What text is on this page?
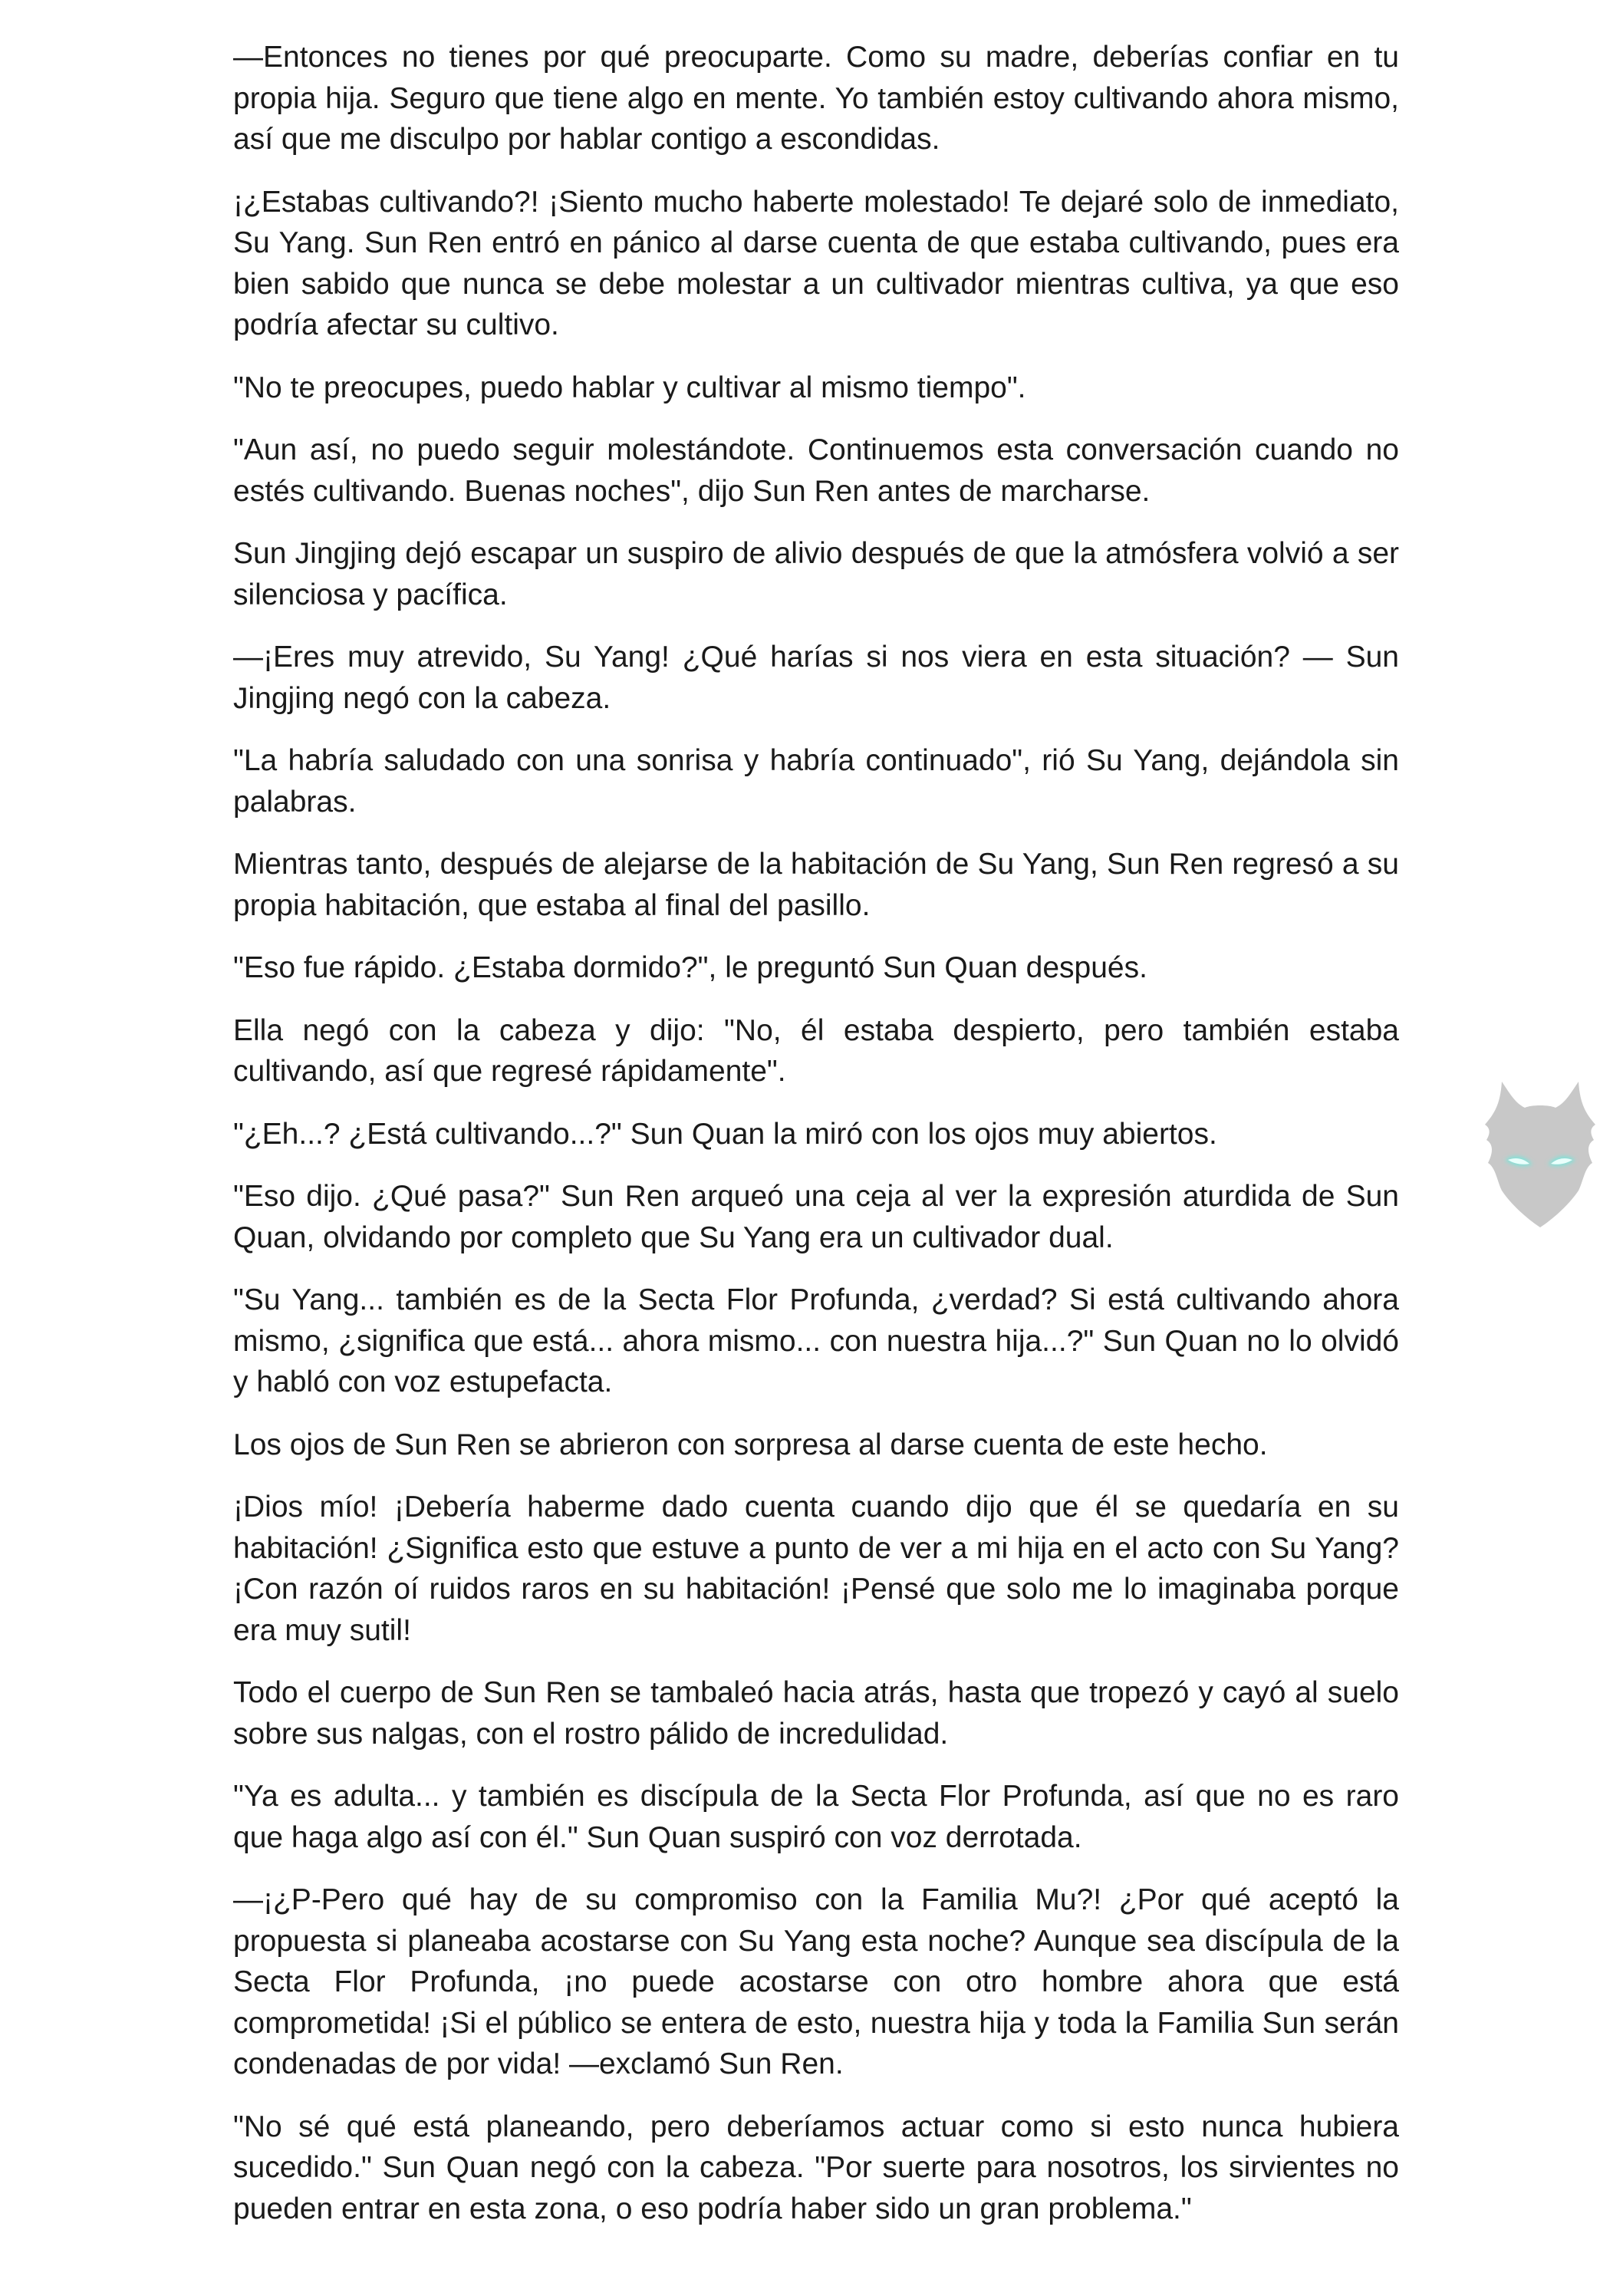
—Entonces no tienes por qué preocuparte. Como su madre, deberías confiar en tu propia hija. Seguro que tiene algo en mente. Yo también estoy cultivando ahora mismo, así que me disculpo por hablar contigo a escondidas.

¡¿Estabas cultivando?! ¡Siento mucho haberte molestado! Te dejaré solo de inmediato, Su Yang. Sun Ren entró en pánico al darse cuenta de que estaba cultivando, pues era bien sabido que nunca se debe molestar a un cultivador mientras cultiva, ya que eso podría afectar su cultivo.

"No te preocupes, puedo hablar y cultivar al mismo tiempo".

"Aun así, no puedo seguir molestándote. Continuemos esta conversación cuando no estés cultivando. Buenas noches", dijo Sun Ren antes de marcharse.

Sun Jingjing dejó escapar un suspiro de alivio después de que la atmósfera volvió a ser silenciosa y pacífica.

—¡Eres muy atrevido, Su Yang! ¿Qué harías si nos viera en esta situación? — Sun Jingjing negó con la cabeza.

"La habría saludado con una sonrisa y habría continuado", rió Su Yang, dejándola sin palabras.

Mientras tanto, después de alejarse de la habitación de Su Yang, Sun Ren regresó a su propia habitación, que estaba al final del pasillo.

"Eso fue rápido. ¿Estaba dormido?", le preguntó Sun Quan después.

Ella negó con la cabeza y dijo: "No, él estaba despierto, pero también estaba cultivando, así que regresé rápidamente".

"¿Eh...? ¿Está cultivando...?" Sun Quan la miró con los ojos muy abiertos.

"Eso dijo. ¿Qué pasa?" Sun Ren arqueó una ceja al ver la expresión aturdida de Sun Quan, olvidando por completo que Su Yang era un cultivador dual.

"Su Yang... también es de la Secta Flor Profunda, ¿verdad? Si está cultivando ahora mismo, ¿significa que está... ahora mismo... con nuestra hija...?" Sun Quan no lo olvidó y habló con voz estupefacta.

Los ojos de Sun Ren se abrieron con sorpresa al darse cuenta de este hecho.

¡Dios mío! ¡Debería haberme dado cuenta cuando dijo que él se quedaría en su habitación! ¿Significa esto que estuve a punto de ver a mi hija en el acto con Su Yang? ¡Con razón oí ruidos raros en su habitación! ¡Pensé que solo me lo imaginaba porque era muy sutil!

Todo el cuerpo de Sun Ren se tambaleó hacia atrás, hasta que tropezó y cayó al suelo sobre sus nalgas, con el rostro pálido de incredulidad.

"Ya es adulta... y también es discípula de la Secta Flor Profunda, así que no es raro que haga algo así con él." Sun Quan suspiró con voz derrotada.

—¡¿P-Pero qué hay de su compromiso con la Familia Mu?! ¿Por qué aceptó la propuesta si planeaba acostarse con Su Yang esta noche? Aunque sea discípula de la Secta Flor Profunda, ¡no puede acostarse con otro hombre ahora que está comprometida! ¡Si el público se entera de esto, nuestra hija y toda la Familia Sun serán condenadas de por vida! —exclamó Sun Ren.

"No sé qué está planeando, pero deberíamos actuar como si esto nunca hubiera sucedido." Sun Quan negó con la cabeza. "Por suerte para nosotros, los sirvientes no pueden entrar en esta zona, o eso podría haber sido un gran problema."
